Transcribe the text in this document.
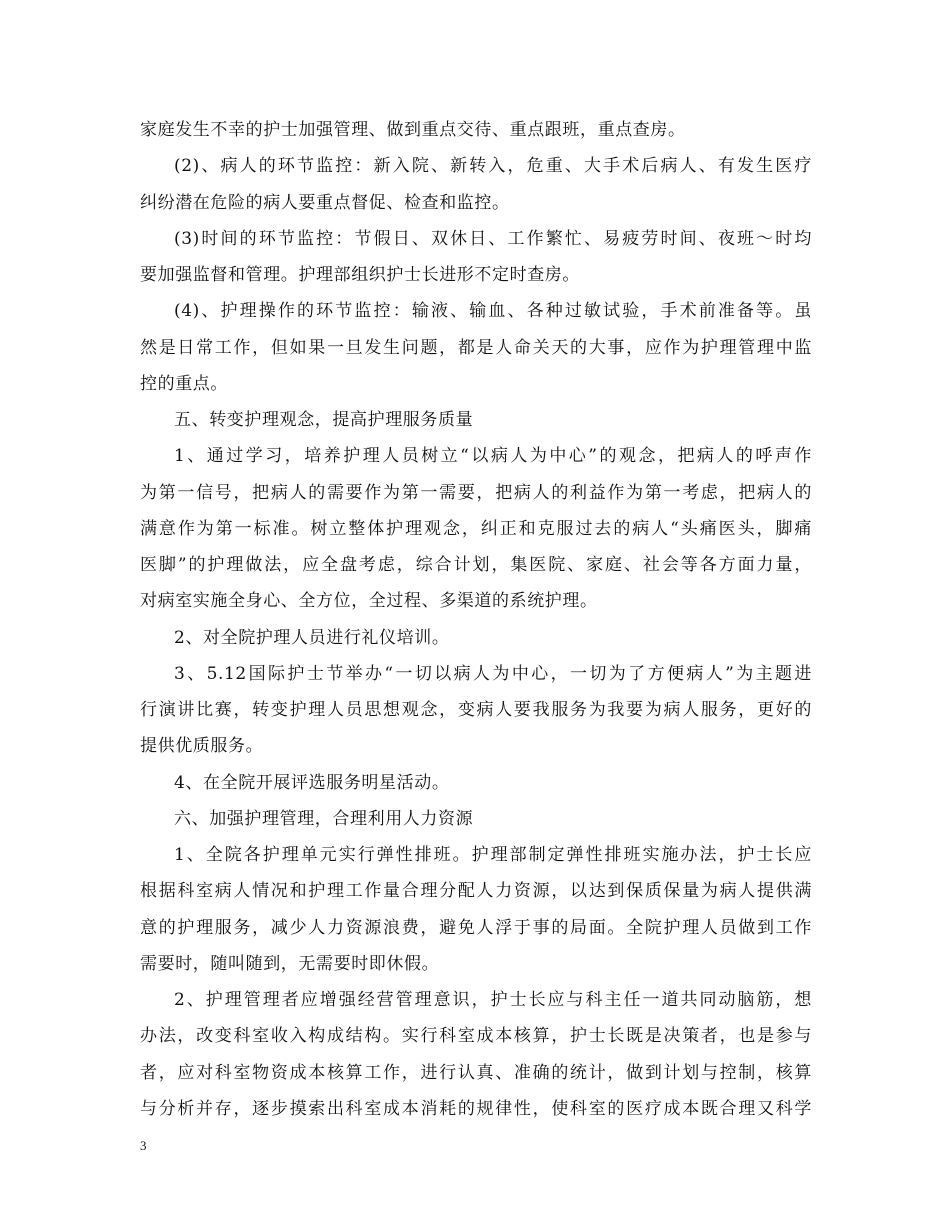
家庭发生不幸的护士加强管理、做到重点交待、重点跟班，重点查房。
(2)、病人的环节监控：新入院、新转入，危重、大手术后病人、有发生医疗
纠纷潜在危险的病人要重点督促、检查和监控。
(3)时间的环节监控：节假日、双休日、工作繁忙、易疲劳时间、夜班～时均
要加强监督和管理。护理部组织护士长进形不定时查房。
(4)、护理操作的环节监控：输液、输血、各种过敏试验，手术前准备等。虽
然是日常工作，但如果一旦发生问题，都是人命关天的大事，应作为护理管理中监
控的重点。
五、转变护理观念，提高护理服务质量
1、通过学习，培养护理人员树立“以病人为中心”的观念，把病人的呼声作
为第一信号，把病人的需要作为第一需要，把病人的利益作为第一考虑，把病人的
满意作为第一标准。树立整体护理观念，纠正和克服过去的病人“头痛医头，脚痛
医脚”的护理做法，应全盘考虑，综合计划，集医院、家庭、社会等各方面力量，
对病室实施全身心、全方位，全过程、多渠道的系统护理。
2、对全院护理人员进行礼仪培训。
3、5.12国际护士节举办“一切以病人为中心，一切为了方便病人”为主题进
行演讲比赛，转变护理人员思想观念，变病人要我服务为我要为病人服务，更好的
提供优质服务。
4、在全院开展评选服务明星活动。
六、加强护理管理，合理利用人力资源
1、全院各护理单元实行弹性排班。护理部制定弹性排班实施办法，护士长应
根据科室病人情况和护理工作量合理分配人力资源，以达到保质保量为病人提供满
意的护理服务，减少人力资源浪费，避免人浮于事的局面。全院护理人员做到工作
需要时，随叫随到，无需要时即休假。
2、护理管理者应增强经营管理意识，护士长应与科主任一道共同动脑筋，想
办法，改变科室收入构成结构。实行科室成本核算，护士长既是决策者，也是参与
者，应对科室物资成本核算工作，进行认真、准确的统计，做到计划与控制，核算
与分析并存，逐步摸索出科室成本消耗的规律性，使科室的医疗成本既合理又科学
3
